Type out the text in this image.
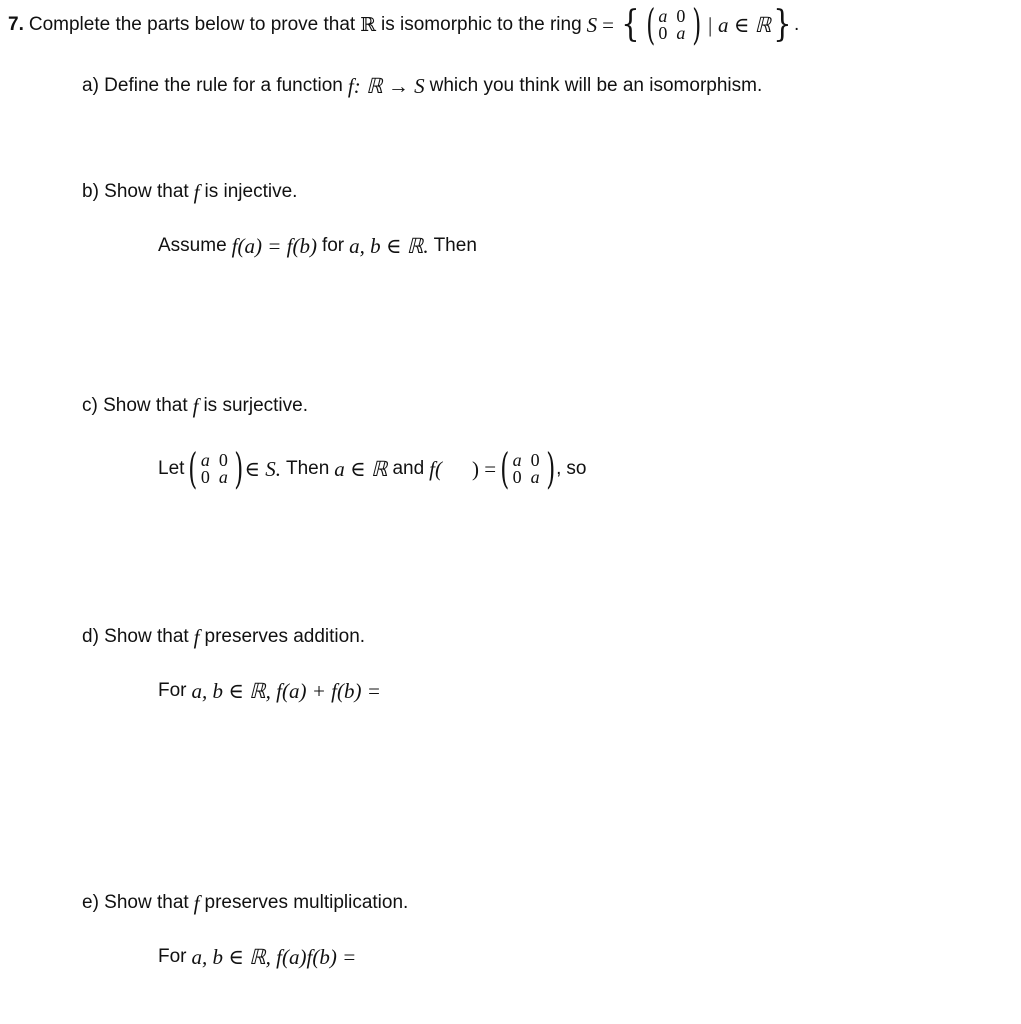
7. Complete the parts below to prove that ℝ is isomorphic to the ring S = { ( a 0
0 a ) | a ∈ ℝ } .
a) Define the rule for a function f: ℝ → S which you think will be an isomorphism.
b) Show that f is injective.
Assume f(a) = f(b) for a, b ∈ ℝ. Then
c) Show that f is surjective.
Let ( a 0
0 a ) ∈ S. Then a ∈ ℝ and f( ) = ( a 0
0 a ) , so
d) Show that f preserves addition.
For a, b ∈ ℝ, f(a) + f(b) =
e) Show that f preserves multiplication.
For a, b ∈ ℝ, f(a)f(b) =
